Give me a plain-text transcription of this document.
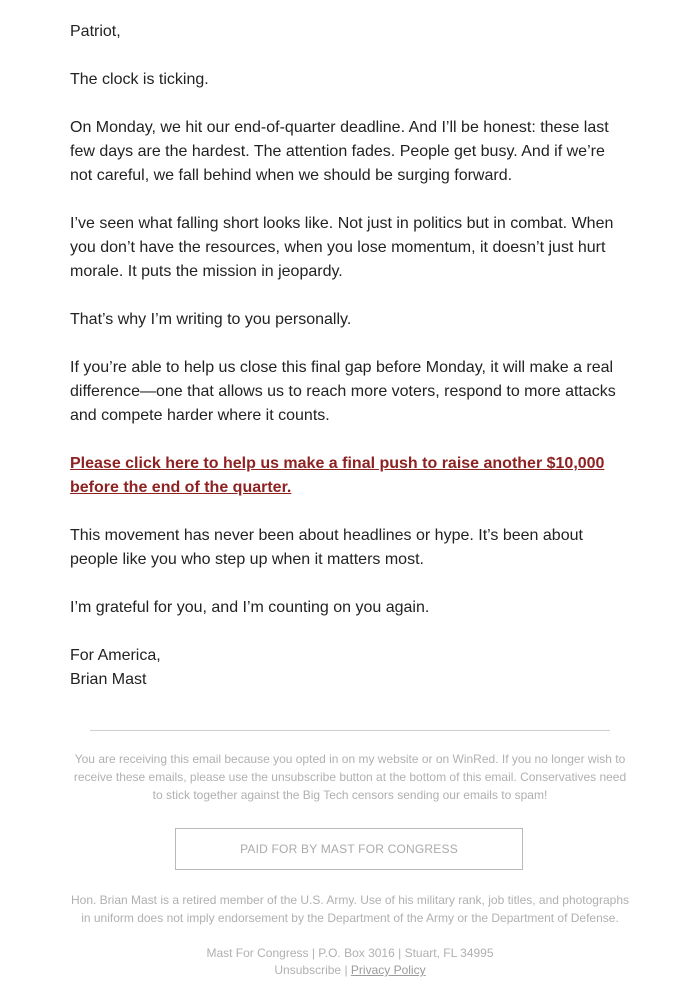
Patriot,

The clock is ticking.

On Monday, we hit our end-of-quarter deadline. And I’ll be honest: these last few days are the hardest. The attention fades. People get busy. And if we’re not careful, we fall behind when we should be surging forward.

I’ve seen what falling short looks like. Not just in politics but in combat. When you don’t have the resources, when you lose momentum, it doesn’t just hurt morale. It puts the mission in jeopardy.

That’s why I’m writing to you personally.

If you’re able to help us close this final gap before Monday, it will make a real difference—one that allows us to reach more voters, respond to more attacks and compete harder where it counts.

Please click here to help us make a final push to raise another $10,000 before the end of the quarter.

This movement has never been about headlines or hype. It’s been about people like you who step up when it matters most.

I’m grateful for you, and I’m counting on you again.

For America,

Brian Mast

You are receiving this email because you opted in on my website or on WinRed. If you no longer wish to receive these emails, please use the unsubscribe button at the bottom of this email. Conservatives need to stick together against the Big Tech censors sending our emails to spam!
PAID FOR BY MAST FOR CONGRESS
Hon. Brian Mast is a retired member of the U.S. Army. Use of his military rank, job titles, and photographs in uniform does not imply endorsement by the Department of the Army or the Department of Defense.
Mast For Congress | P.O. Box 3016 | Stuart, FL 34995
Unsubscribe | Privacy Policy
